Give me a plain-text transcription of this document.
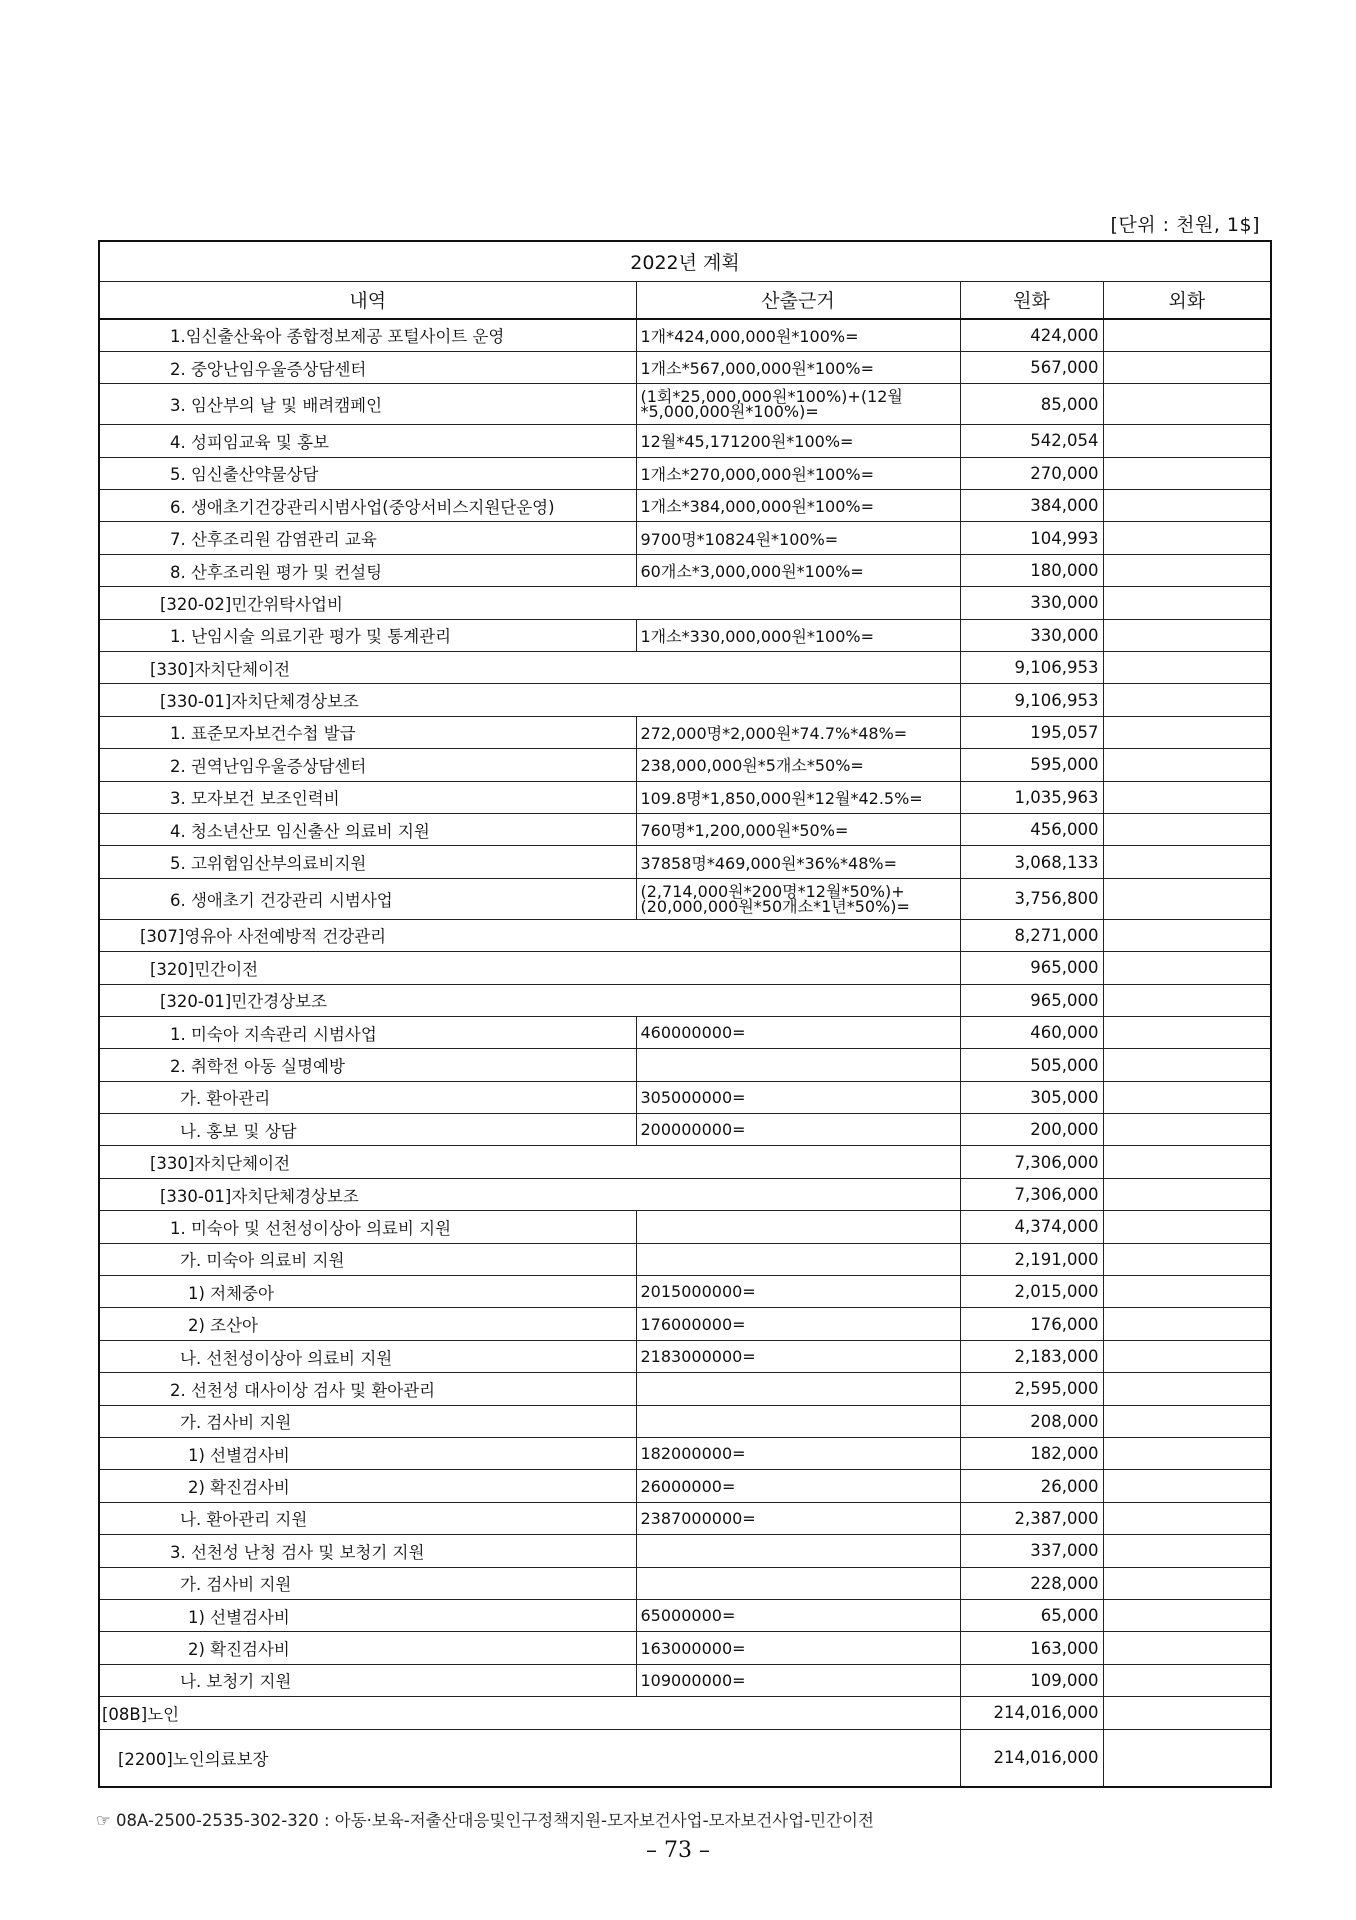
[단위 : 천원, 1$]
2022년 계획			
내역	산출근거	원화	외화
1.임신출산육아 종합정보제공 포털사이트 운영	1개*424,000,000원*100%=	424,000	
2. 중앙난임우울증상담센터	1개소*567,000,000원*100%=	567,000	
3. 임산부의 날 및 배려캠페인	(1회*25,000,000원*100%)+(12월*5,000,000원*100%)=	85,000	
4. 성피임교육 및 홍보	12월*45,171200원*100%=	542,054	
5. 임신출산약물상담	1개소*270,000,000원*100%=	270,000	
6. 생애초기건강관리시범사업(중앙서비스지원단운영)	1개소*384,000,000원*100%=	384,000	
7. 산후조리원 감염관리 교육	9700명*10824원*100%=	104,993	
8. 산후조리원 평가 및 컨설팅	60개소*3,000,000원*100%=	180,000	
[320-02]민간위탁사업비		330,000	
1. 난임시술 의료기관 평가 및 통계관리	1개소*330,000,000원*100%=	330,000	
[330]자치단체이전		9,106,953	
[330-01]자치단체경상보조		9,106,953	
1. 표준모자보건수첩 발급	272,000명*2,000원*74.7%*48%=	195,057	
2. 권역난임우울증상담센터	238,000,000원*5개소*50%=	595,000	
3. 모자보건 보조인력비	109.8명*1,850,000원*12월*42.5%=	1,035,963	
4. 청소년산모 임신출산 의료비 지원	760명*1,200,000원*50%=	456,000	
5. 고위험임산부의료비지원	37858명*469,000원*36%*48%=	3,068,133	
6. 생애초기 건강관리 시범사업	(2,714,000원*200명*12월*50%)+(20,000,000원*50개소*1년*50%)=	3,756,800	
[307]영유아 사전예방적 건강관리		8,271,000	
[320]민간이전		965,000	
[320-01]민간경상보조		965,000	
1. 미숙아 지속관리 시범사업	460000000=	460,000	
2. 취학전 아동 실명예방		505,000	
가. 환아관리	305000000=	305,000	
나. 홍보 및 상담	200000000=	200,000	
[330]자치단체이전		7,306,000	
[330-01]자치단체경상보조		7,306,000	
1. 미숙아 및 선천성이상아 의료비 지원		4,374,000	
가. 미숙아 의료비 지원		2,191,000	
1) 저체중아	2015000000=	2,015,000	
2) 조산아	176000000=	176,000	
나. 선천성이상아 의료비 지원	2183000000=	2,183,000	
2. 선천성 대사이상 검사 및 환아관리		2,595,000	
가. 검사비 지원		208,000	
1) 선별검사비	182000000=	182,000	
2) 확진검사비	26000000=	26,000	
나. 환아관리 지원	2387000000=	2,387,000	
3. 선천성 난청 검사 및 보청기 지원		337,000	
가. 검사비 지원		228,000	
1) 선별검사비	65000000=	65,000	
2) 확진검사비	163000000=	163,000	
나. 보청기 지원	109000000=	109,000	
[08B]노인		214,016,000	
[2200]노인의료보장		214,016,000	
☞ 08A-2500-2535-302-320 : 아동·보육-저출산대응및인구정책지원-모자보건사업-모자보건사업-민간이전
– 73 –
